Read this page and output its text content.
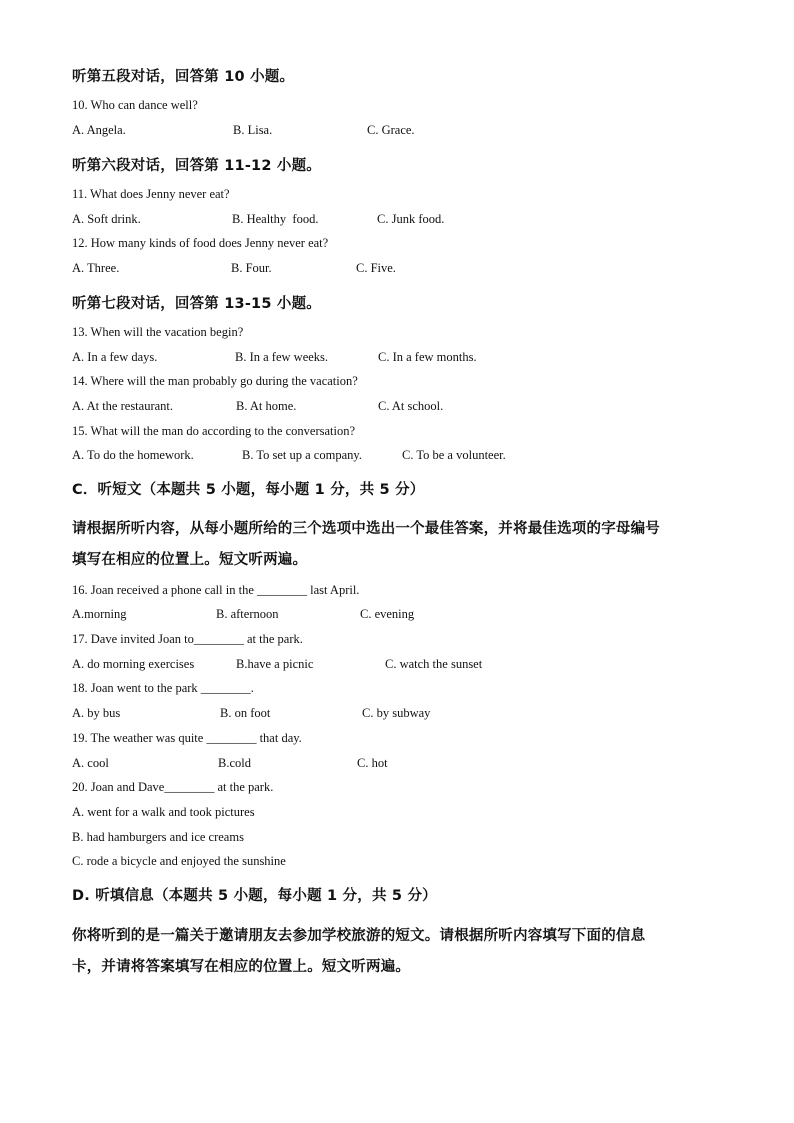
听第五段对话，回答第 10 小题。
10. Who can dance well?
A. Angela.	B. Lisa.	C. Grace.
听第六段对话，回答第 11-12 小题。
11. What does Jenny never eat?
A. Soft drink.	B. Healthy  food.	C. Junk food.
12. How many kinds of food does Jenny never eat?
A. Three.	B. Four.	C. Five.
听第七段对话，回答第 13-15 小题。
13. When will the vacation begin?
A. In a few days.	B. In a few weeks.	C. In a few months.
14. Where will the man probably go during the vacation?
A. At the restaurant.	B. At home.	C. At school.
15. What will the man do according to the conversation?
A. To do the homework.	B. To set up a company.	C. To be a volunteer.
C．听短文（本题共 5 小题，每小题 1 分，共 5 分）
请根据所听内容，从每小题所给的三个选项中选出一个最佳答案，并将最佳选项的字母编号
填写在相应的位置上。短文听两遍。
16. Joan received a phone call in the ________ last April.
A.morning	B. afternoon	C. evening
17. Dave invited Joan to________ at the park.
A. do morning exercises	B.have a picnic	C. watch the sunset
18. Joan went to the park ________.
A. by bus	B. on foot	C. by subway
19. The weather was quite ________ that day.
A. cool	B.cold	C. hot
20. Joan and Dave________ at the park.
A. went for a walk and took pictures
B. had hamburgers and ice creams
C. rode a bicycle and enjoyed the sunshine
D. 听填信息（本题共 5 小题，每小题 1 分，共 5 分）
你将听到的是一篇关于邀请朋友去参加学校旅游的短文。请根据所听内容填写下面的信息
卡，并请将答案填写在相应的位置上。短文听两遍。
